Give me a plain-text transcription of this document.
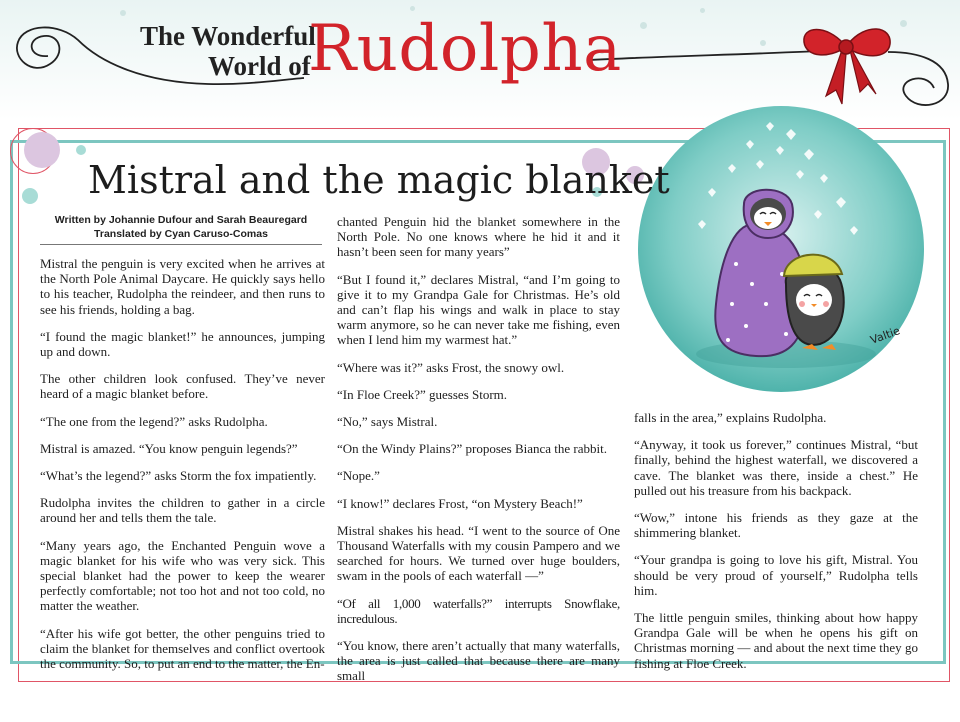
The Wonderful
World of
Rudolpha
Valtie
Mistral and the magic blanket
Written by Johannie Dufour and Sarah Beauregard
Translated by Cyan Caruso-Comas

Mistral the penguin is very excited when he arrives at the North Pole Animal Daycare. He quickly says hello to his teacher, Rudolpha the reindeer, and then runs to see his friends, holding a bag.

“I found the magic blanket!” he announces, jumping up and down.

The other children look confused. They’ve never heard of a magic blanket before.

“The one from the legend?” asks Rudolpha.

Mistral is amazed. “You know penguin legends?”

“What’s the legend?” asks Storm the fox impatiently.

Rudolpha invites the children to gather in a circle around her and tells them the tale.

“Many years ago, the Enchanted Penguin wove a magic blanket for his wife who was very sick. This special blanket had the power to keep the wearer perfectly comfortable; not too hot and not too cold, no matter the weather.

“After his wife got better, the other penguins tried to claim the blanket for themselves and conflict overtook the community. So, to put an end to the matter, the En-

chanted Penguin hid the blanket somewhere in the North Pole. No one knows where he hid it and it hasn’t been seen for many years”

“But I found it,” declares Mistral, “and I’m going to give it to my Grandpa Gale for Christmas. He’s old and can’t flap his wings and walk in place to stay warm anymore, so he can never take me fishing, even when I lend him my warmest hat.”

“Where was it?” asks Frost, the snowy owl.

“In Floe Creek?” guesses Storm.

“No,” says Mistral.

“On the Windy Plains?” proposes Bianca the rabbit.

“Nope.”

“I know!” declares Frost, “on Mystery Beach!”

Mistral shakes his head. “I went to the source of One Thousand Waterfalls with my cousin Pampero and we searched for hours. We turned over huge boulders, swam in the pools of each waterfall —”

“Of all 1,000 waterfalls?” interrupts Snowflake, incredulous.

“You know, there aren’t actually that many waterfalls, the area is just called that because there are many small

falls in the area,” explains Rudolpha.

“Anyway, it took us forever,” continues Mistral, “but finally, behind the highest waterfall, we discovered a cave. The blanket was there, inside a chest.” He pulled out his treasure from his backpack.

“Wow,” intone his friends as they gaze at the shimmering blanket.

“Your grandpa is going to love his gift, Mistral. You should be very proud of yourself,” Rudolpha tells him.

The little penguin smiles, thinking about how happy Grandpa Gale will be when he opens his gift on Christmas morning — and about the next time they go fishing at Floe Creek.
